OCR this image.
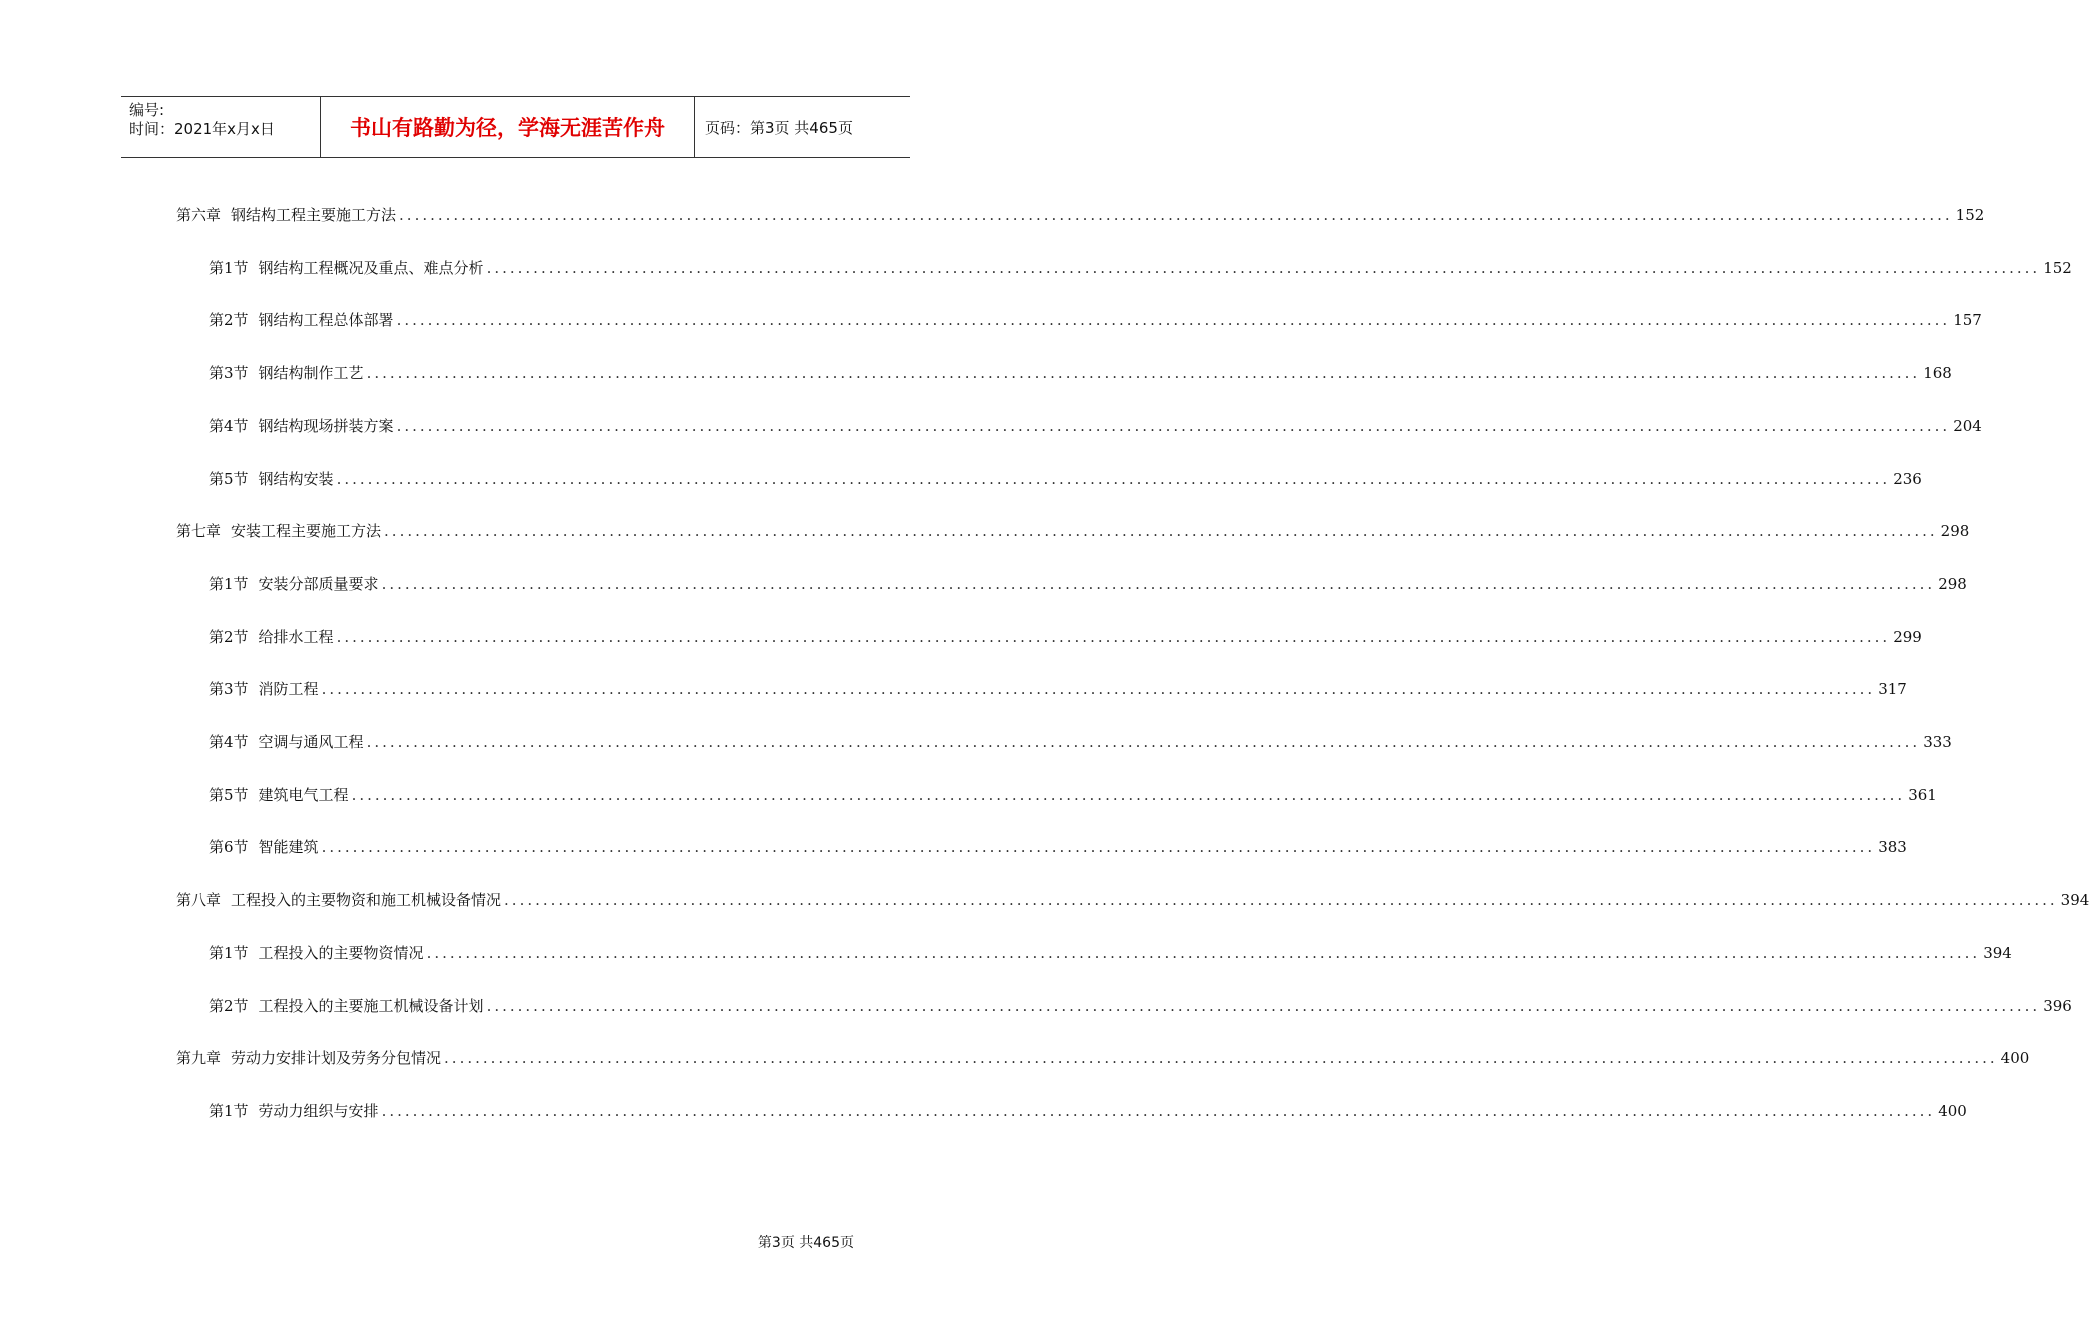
编号:
时间：2021年x月x日	书山有路勤为径，学海无涯苦作舟	页码：第3页 共465页
第六章 钢结构工程主要施工方法 ........................................................................................................................................................................................................ 152
第1节 钢结构工程概况及重点、难点分析 ........................................................................................................................................................................................................ 152
第2节 钢结构工程总体部署 ........................................................................................................................................................................................................ 157
第3节 钢结构制作工艺 ........................................................................................................................................................................................................ 168
第4节 钢结构现场拼装方案 ........................................................................................................................................................................................................ 204
第5节 钢结构安装 ........................................................................................................................................................................................................ 236
第七章 安装工程主要施工方法 ........................................................................................................................................................................................................ 298
第1节 安装分部质量要求 ........................................................................................................................................................................................................ 298
第2节 给排水工程 ........................................................................................................................................................................................................ 299
第3节 消防工程 ........................................................................................................................................................................................................ 317
第4节 空调与通风工程 ........................................................................................................................................................................................................ 333
第5节 建筑电气工程 ........................................................................................................................................................................................................ 361
第6节 智能建筑 ........................................................................................................................................................................................................ 383
第八章 工程投入的主要物资和施工机械设备情况 ........................................................................................................................................................................................................ 394
第1节 工程投入的主要物资情况 ........................................................................................................................................................................................................ 394
第2节 工程投入的主要施工机械设备计划 ........................................................................................................................................................................................................ 396
第九章 劳动力安排计划及劳务分包情况 ........................................................................................................................................................................................................ 400
第1节 劳动力组织与安排 ........................................................................................................................................................................................................ 400
第3页 共465页
